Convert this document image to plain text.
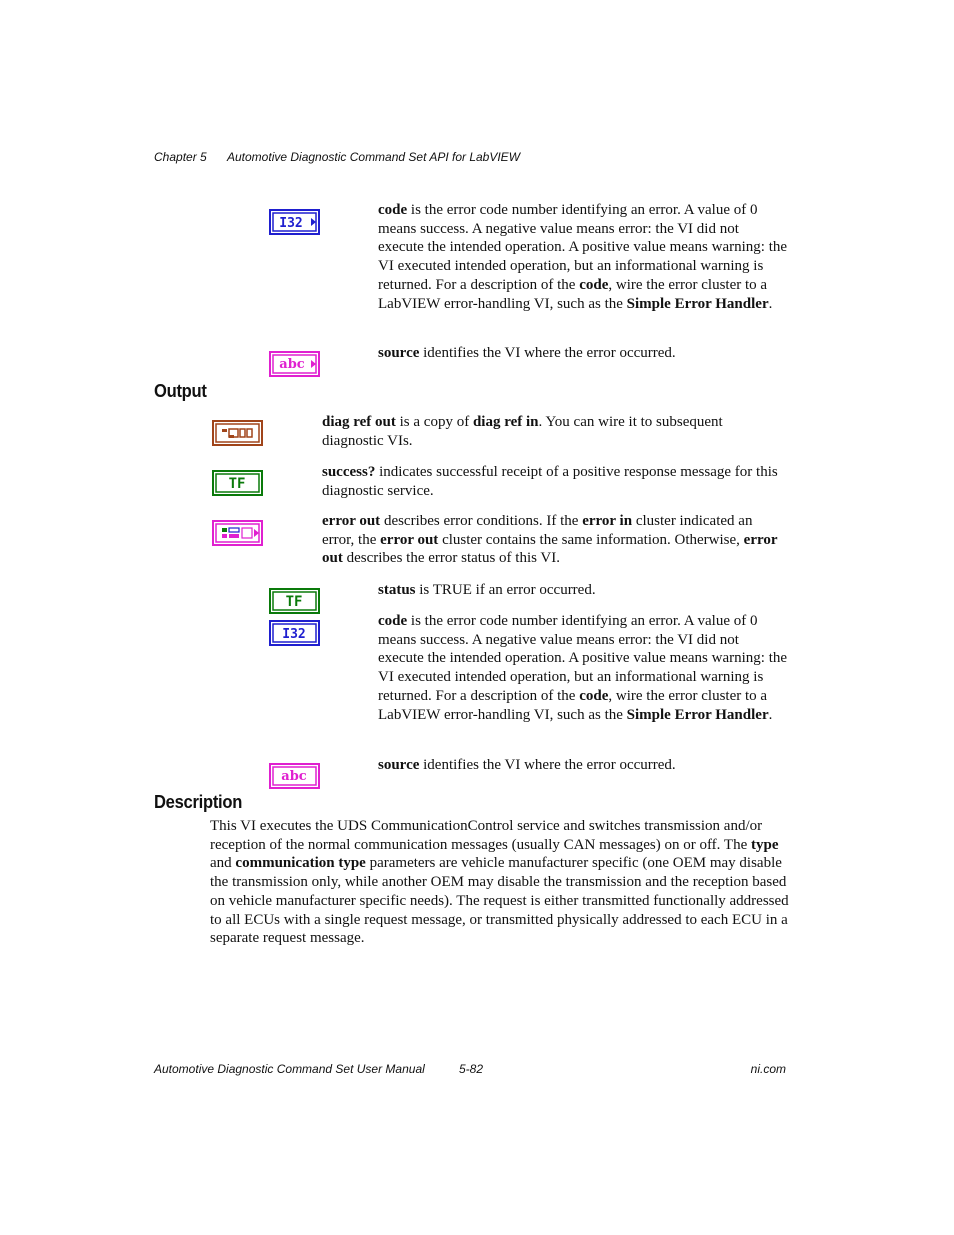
Chapter 5 Automotive Diagnostic Command Set API for LabVIEW
I32

code is the error code number identifying an error. A value of 0 means success. A negative value means error: the VI did not execute the intended operation. A positive value means warning: the VI executed intended operation, but an informational warning is returned. For a description of the code, wire the error cluster to a LabVIEW error-handling VI, such as the Simple Error Handler.

abc

source identifies the VI where the error occurred.

Output

diag ref out is a copy of diag ref in. You can wire it to subsequent diagnostic VIs.

TF

success? indicates successful receipt of a positive response message for this diagnostic service.

error out describes error conditions. If the error in cluster indicated an error, the error out cluster contains the same information. Otherwise, error out describes the error status of this VI.

TF

status is TRUE if an error occurred.

I32

code is the error code number identifying an error. A value of 0 means success. A negative value means error: the VI did not execute the intended operation. A positive value means warning: the VI executed intended operation, but an informational warning is returned. For a description of the code, wire the error cluster to a LabVIEW error-handling VI, such as the Simple Error Handler.

abc

source identifies the VI where the error occurred.

Description

This VI executes the UDS CommunicationControl service and switches transmission and/or reception of the normal communication messages (usually CAN messages) on or off. The type and communication type parameters are vehicle manufacturer specific (one OEM may disable the transmission only, while another OEM may disable the transmission and the reception based on vehicle manufacturer specific needs). The request is either transmitted functionally addressed to all ECUs with a single request message, or transmitted physically addressed to each ECU in a separate request message.

Automotive Diagnostic Command Set User Manual	5-82	ni.com
